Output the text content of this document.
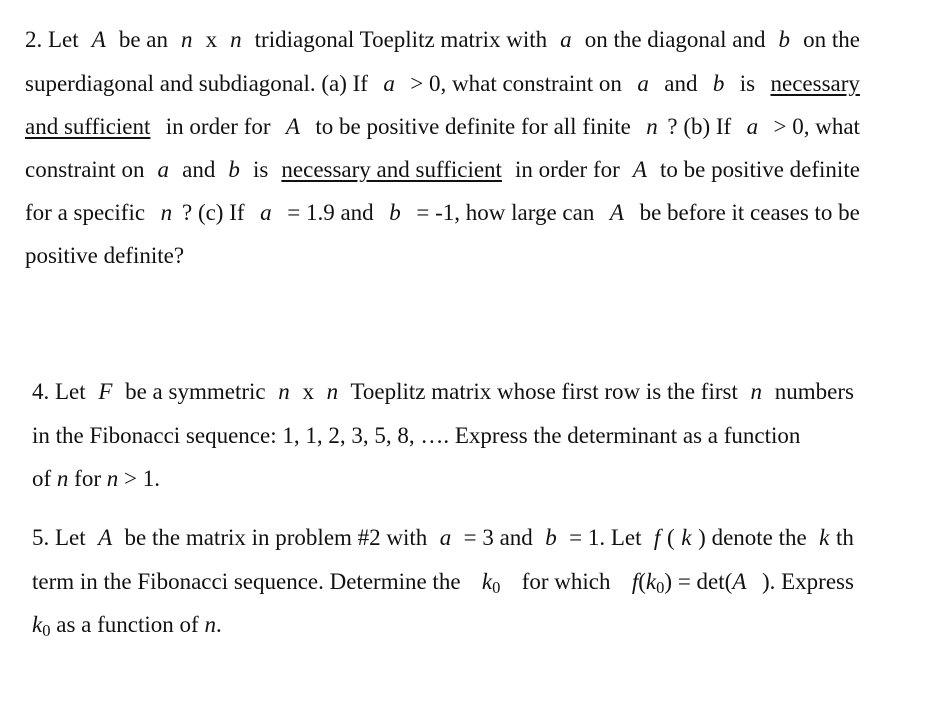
2. Let A be an n x n tridiagonal Toeplitz matrix with a on the diagonal and b on the
superdiagonal and subdiagonal. (a) If a > 0, what constraint on a and b is necessary
and sufficient in order for A to be positive definite for all finite n ? (b) If a > 0, what
constraint on a and b is necessary and sufficient in order for A to be positive definite
for a specific n ? (c) If a = 1.9 and b = -1, how large can A be before it ceases to be
positive definite?
4. Let F be a symmetric n x n Toeplitz matrix whose first row is the first n numbers
in the Fibonacci sequence: 1, 1, 2, 3, 5, 8, …. Express the determinant as a function
of n for n > 1.
5. Let A be the matrix in problem #2 with a = 3 and b = 1. Let f ( k ) denote the k th
term in the Fibonacci sequence. Determine the $k_0$ for which $f(k_0) = \det(A$ ). Express
$k_0$ as a function of n.
